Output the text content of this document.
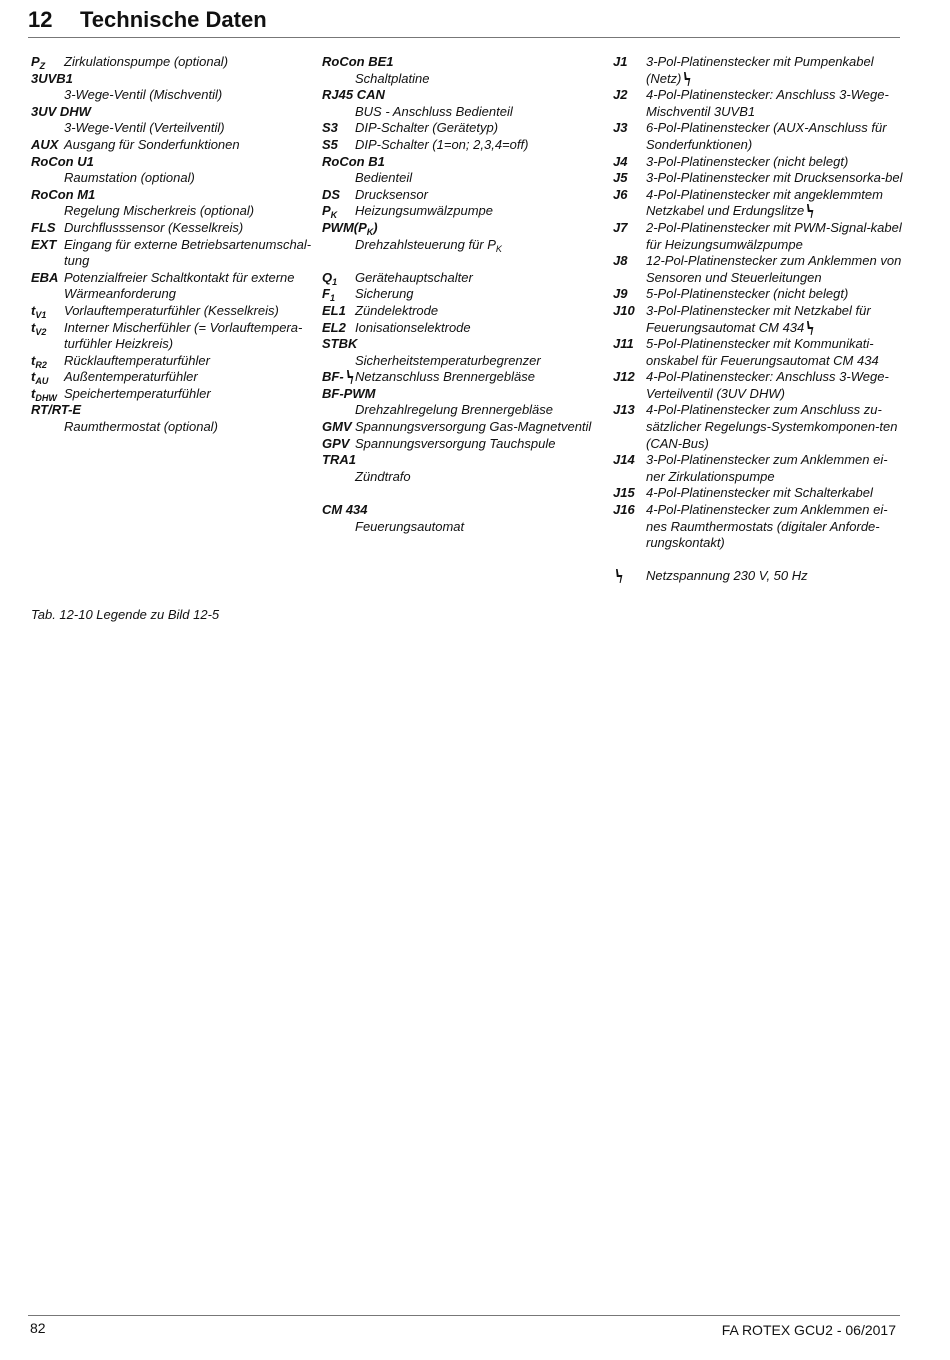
12 Technische Daten
$P_Z$ Zirkulationspumpe (optional)
3UVB1
3-Wege-Ventil (Mischventil)
3UV DHW
3-Wege-Ventil (Verteilventil)
AUX Ausgang für Sonderfunktionen
RoCon U1
Raumstation (optional)
RoCon M1
Regelung Mischerkreis (optional)
FLS Durchflusssensor (Kesselkreis)
EXT Eingang für externe Betriebsartenumschal-tung
EBA Potenzialfreier Schaltkontakt für externe Wärmeanforderung
$t_{V1}$ Vorlauftemperaturfühler (Kesselkreis)
$t_{V2}$ Interner Mischerfühler (= Vorlauftempera-turfühler Heizkreis)
$t_{R2}$ Rücklauftemperaturfühler
$t_{AU}$ Außentemperaturfühler
$t_{DHW}$ Speichertemperaturfühler
RT/RT-E
Raumthermostat (optional)
RoCon BE1
Schaltplatine
RJ45 CAN
BUS - Anschluss Bedienteil
S3 DIP-Schalter (Gerätetyp)
S5 DIP-Schalter (1=on; 2,3,4=off)
RoCon B1
Bedienteil
DS Drucksensor
$P_K$ Heizungsumwälzpumpe
$PWM(P_K)$
Drehzahlsteuerung für $P_K$
$Q_1$ Gerätehauptschalter
$F_1$ Sicherung
EL1 Zündelektrode
EL2 Ionisationselektrode
STBK
Sicherheitstemperaturbegrenzer
BF- Netzanschluss Brennergebläse
BF-PWM
Drehzahlregelung Brennergebläse
GMV Spannungsversorgung Gas-Magnetventil
GPV Spannungsversorgung Tauchspule
TRA1
Zündtrafo
CM 434
Feuerungsautomat
J1 3-Pol-Platinenstecker mit Pumpenkabel (Netz)
J2 4-Pol-Platinenstecker: Anschluss 3-Wege-Mischventil 3UVB1
J3 6-Pol-Platinenstecker (AUX-Anschluss für Sonderfunktionen)
J4 3-Pol-Platinenstecker (nicht belegt)
J5 3-Pol-Platinenstecker mit Drucksensorka-bel
J6 4-Pol-Platinenstecker mit angeklemmtem Netzkabel und Erdungslitze
J7 2-Pol-Platinenstecker mit PWM-Signal-kabel für Heizungsumwälzpumpe
J8 12-Pol-Platinenstecker zum Anklemmen von Sensoren und Steuerleitungen
J9 5-Pol-Platinenstecker (nicht belegt)
J10 3-Pol-Platinenstecker mit Netzkabel für Feuerungsautomat CM 434
J11 5-Pol-Platinenstecker mit Kommunikati-onskabel für Feuerungsautomat CM 434
J12 4-Pol-Platinenstecker: Anschluss 3-Wege-Verteilventil (3UV DHW)
J13 4-Pol-Platinenstecker zum Anschluss zu-sätzlicher Regelungs-Systemkomponen-ten (CAN-Bus)
J14 3-Pol-Platinenstecker zum Anklemmen ei-ner Zirkulationspumpe
J15 4-Pol-Platinenstecker mit Schalterkabel
J16 4-Pol-Platinenstecker zum Anklemmen ei-nes Raumthermostats (digitaler Anforde-rungskontakt)
Netzspannung 230 V, 50 Hz
Tab. 12-10 Legende zu Bild 12-5
82	FA ROTEX GCU2 - 06/2017
